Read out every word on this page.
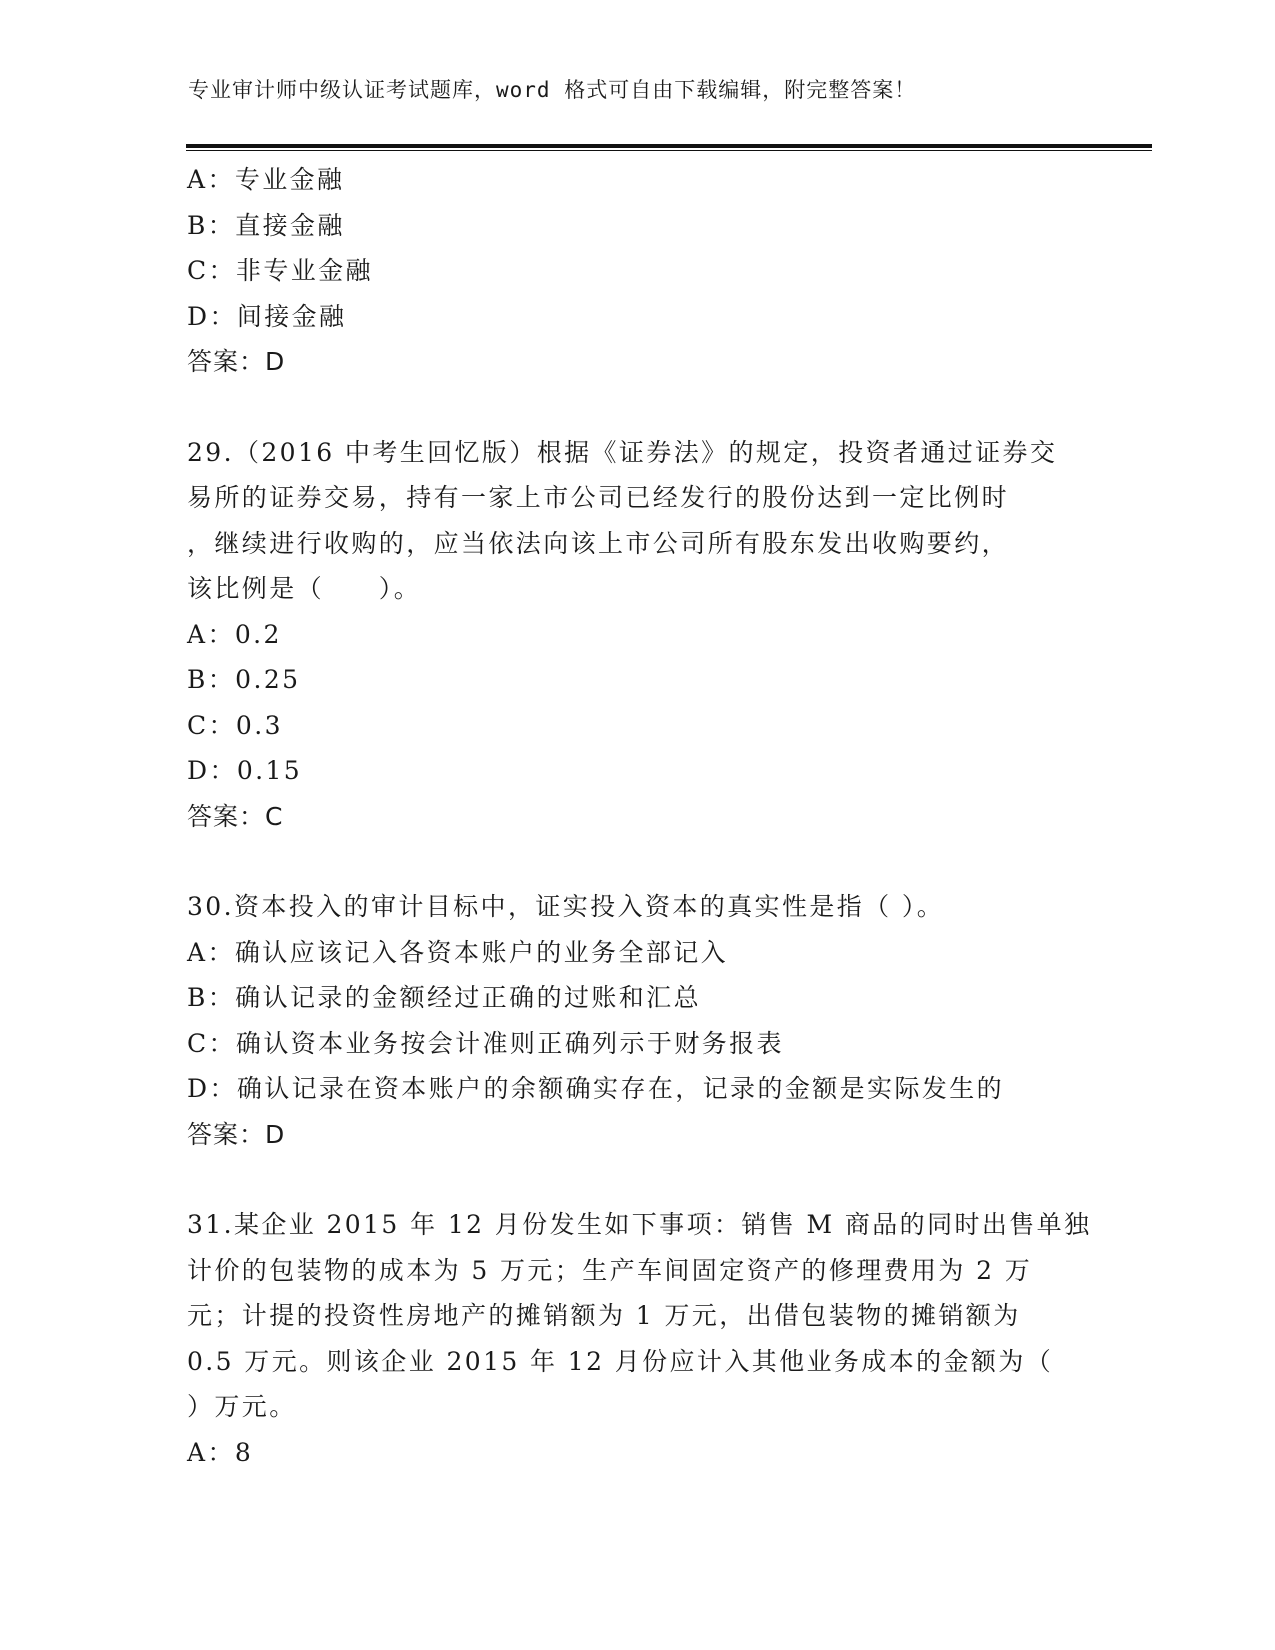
专业审计师中级认证考试题库，word 格式可自由下载编辑，附完整答案！
A：专业金融
B：直接金融
C：非专业金融
D：间接金融
答案：D
29.（2016 中考生回忆版）根据《证券法》的规定，投资者通过证券交
易所的证券交易，持有一家上市公司已经发行的股份达到一定比例时
，继续进行收购的，应当依法向该上市公司所有股东发出收购要约，
该比例是（　　）。
A：0.2
B：0.25
C：0.3
D：0.15
答案：C
30.资本投入的审计目标中，证实投入资本的真实性是指（ ）。
A：确认应该记入各资本账户的业务全部记入
B：确认记录的金额经过正确的过账和汇总
C：确认资本业务按会计准则正确列示于财务报表
D：确认记录在资本账户的余额确实存在，记录的金额是实际发生的
答案：D
31.某企业 2015 年 12 月份发生如下事项：销售 M 商品的同时出售单独
计价的包装物的成本为 5 万元；生产车间固定资产的修理费用为 2 万
元；计提的投资性房地产的摊销额为 1 万元，出借包装物的摊销额为
0.5 万元。则该企业 2015 年 12 月份应计入其他业务成本的金额为（
）万元。
A：8
